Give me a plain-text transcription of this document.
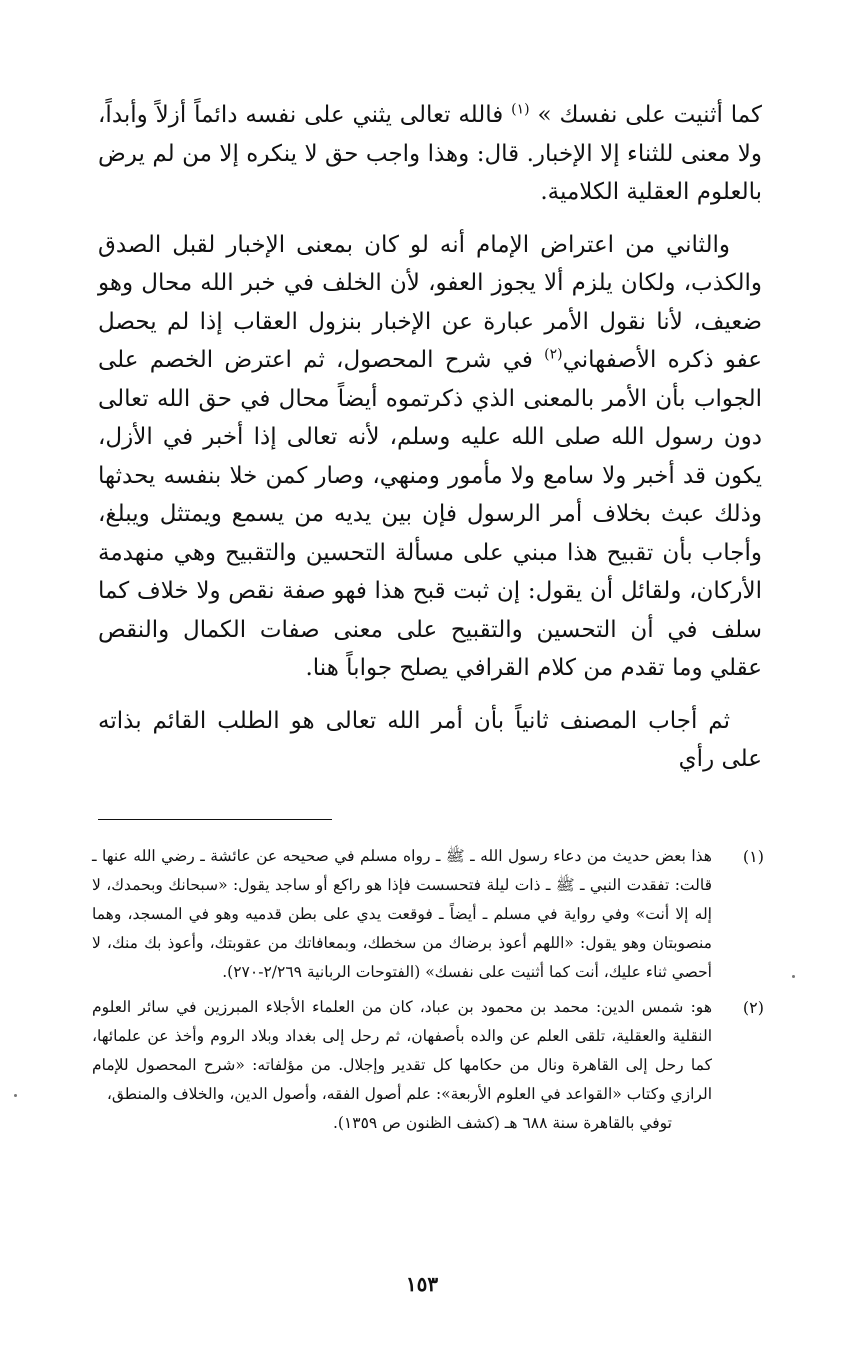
كما أثنيت على نفسك » $^{(١)}$ فالله تعالى يثني على نفسه دائماً أزلاً وأبداً، ولا معنى للثناء إلا الإخبار. قال: وهذا واجب حق لا ينكره إلا من لم يرض بالعلوم العقلية الكلامية.

والثاني من اعتراض الإمام أنه لو كان بمعنى الإخبار لقبل الصدق والكذب، ولكان يلزم ألا يجوز العفو، لأن الخلف في خبر الله محال وهو ضعيف، لأنا نقول الأمر عبارة عن الإخبار بنزول العقاب إذا لم يحصل عفو ذكره الأصفهاني$^{(٢)}$ في شرح المحصول، ثم اعترض الخصم على الجواب بأن الأمر بالمعنى الذي ذكرتموه أيضاً محال في حق الله تعالى دون رسول الله صلى الله عليه وسلم، لأنه تعالى إذا أخبر في الأزل، يكون قد أخبر ولا سامع ولا مأمور ومنهي، وصار كمن خلا بنفسه يحدثها وذلك عبث بخلاف أمر الرسول فإن بين يديه من يسمع ويمتثل ويبلغ، وأجاب بأن تقبيح هذا مبني على مسألة التحسين والتقبيح وهي منهدمة الأركان، ولقائل أن يقول: إن ثبت قبح هذا فهو صفة نقص ولا خلاف كما سلف في أن التحسين والتقبيح على معنى صفات الكمال والنقص عقلي وما تقدم من كلام القرافي يصلح جواباً هنا.

ثم أجاب المصنف ثانياً بأن أمر الله تعالى هو الطلب القائم بذاته على رأي

(١)
هذا بعض حديث من دعاء رسول الله ـ ﷺ ـ رواه مسلم في صحيحه عن عائشة ـ رضي الله عنها ـ قالت: تفقدت النبي ـ ﷺ ـ ذات ليلة فتحسست فإذا هو راكع أو ساجد يقول: «سبحانك وبحمدك، لا إله إلا أنت» وفي رواية في مسلم ـ أيضاً ـ فوقعت يدي على بطن قدميه وهو في المسجد، وهما منصوبتان وهو يقول: «اللهم أعوذ برضاك من سخطك، وبمعافاتك من عقوبتك، وأعوذ بك منك، لا أحصي ثناء عليك، أنت كما أثنيت على نفسك» (الفتوحات الربانية ٢/٢٦٩-٢٧٠).

(٢)
هو: شمس الدين: محمد بن محمود بن عباد، كان من العلماء الأجلاء المبرزين في سائر العلوم النقلية والعقلية، تلقى العلم عن والده بأصفهان، ثم رحل إلى بغداد وبلاد الروم وأخذ عن علمائها، كما رحل إلى القاهرة ونال من حكامها كل تقدير وإجلال. من مؤلفاته: «شرح المحصول للإمام الرازي وكتاب «القواعد في العلوم الأربعة»: علم أصول الفقه، وأصول الدين، والخلاف والمنطق،
توفي بالقاهرة سنة ٦٨٨ هـ (كشف الظنون ص ١٣٥٩).

١٥٣
